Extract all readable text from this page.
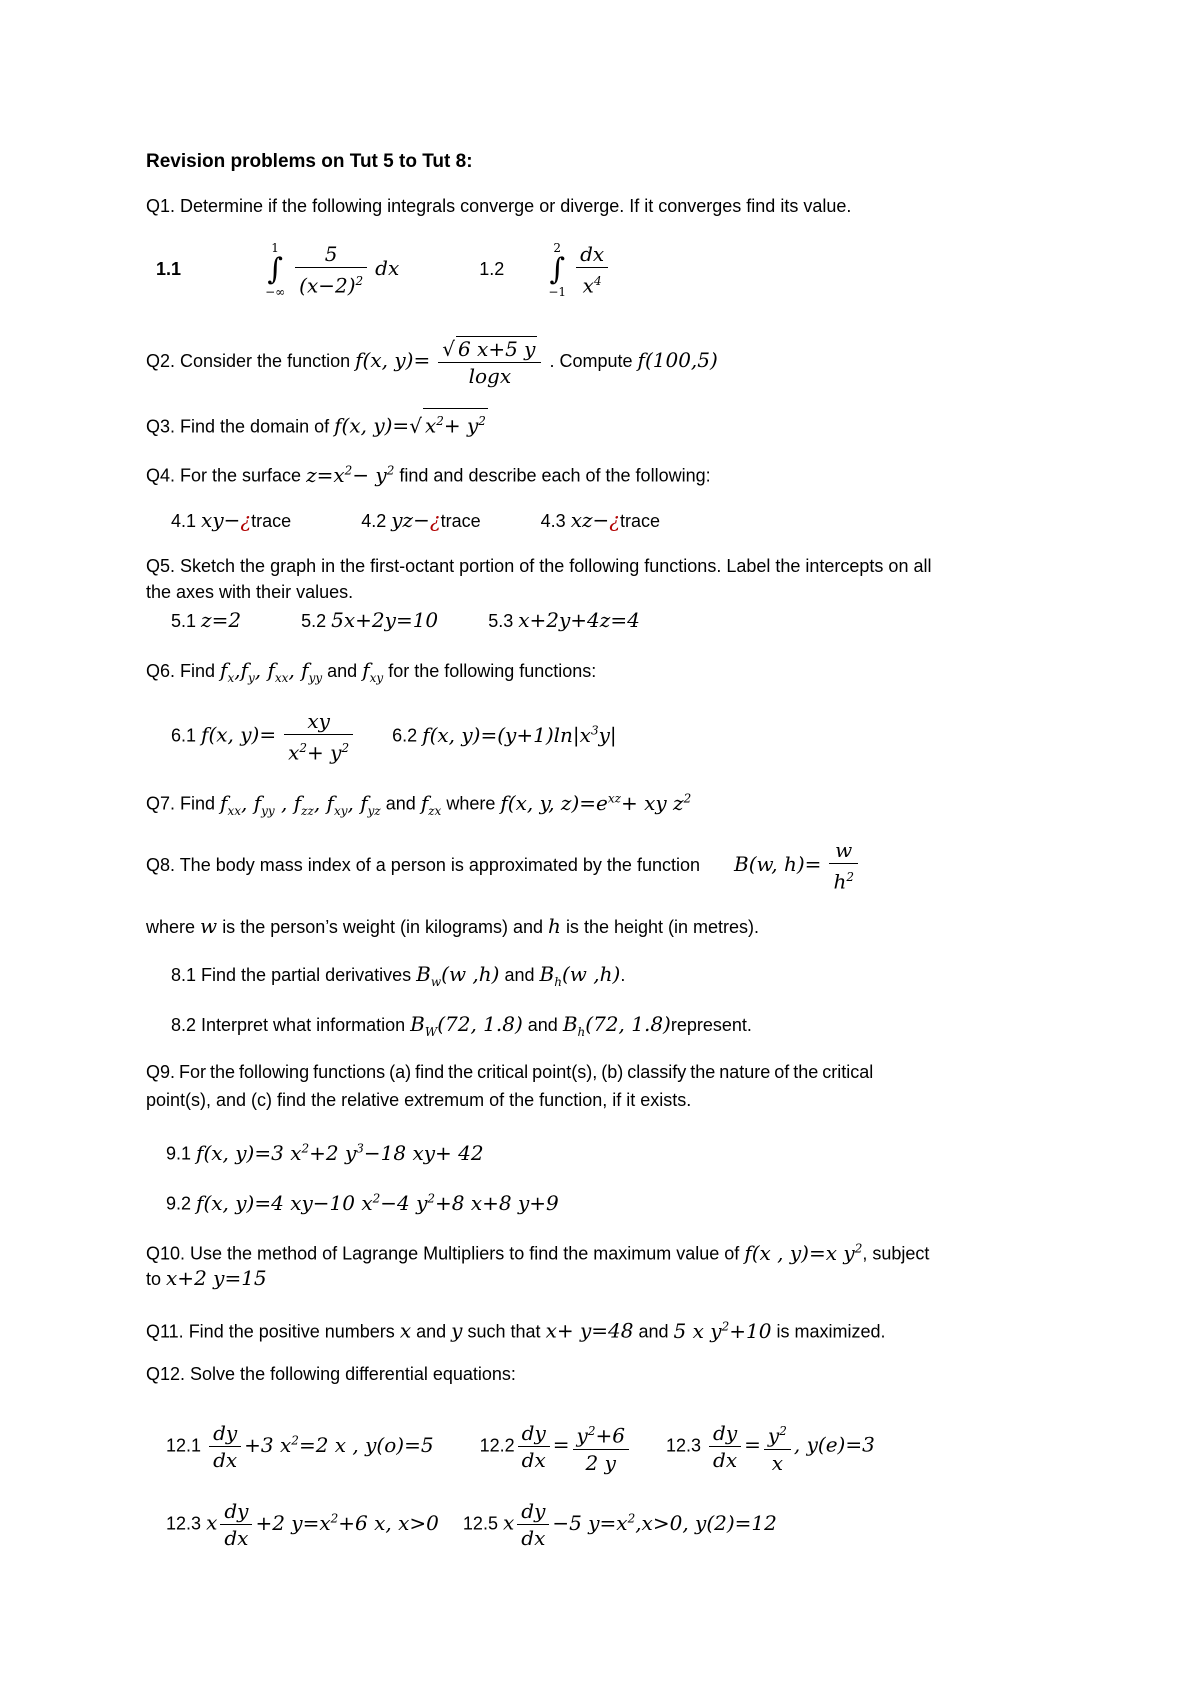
Revision problems on Tut 5 to Tut 8:
Q1. Determine if the following integrals converge or diverge. If it converges find its value.
1.1
1
∫
−∞
$\frac{5}{(x-2)^2}$ dx	1.2
2
∫
−1
$\frac{dx}{x^4}$
Q2. Consider the function f(x, $y)= \frac{√ 6 x+5 y}{\log x}$ . Compute f(100,5)
Q3. Find the domain of f(x, y)=√ $x^2+ y^2$
Q4. For the surface $z=x^2- y^2$ find and describe each of the following:
4.1 xy−¿trace	4.2 yz−¿trace	4.3 xz−¿trace
Q5. Sketch the graph in the first-octant portion of the following functions. Label the intercepts on all
the axes with their values.
5.1 z=2	5.2 5x+2y=10	5.3 x+2y+4z=4
Q6. Find $f_x,f_y$, $f_{xx}$, $f_{yy}$ and $f_{xy}$ for the following functions:
6.1 f(x, $y)= \frac{xy}{x^2+ y^2} 6.2$ f(x, $y)=(y+1)\ln|x^3y|$
Q7. Find $f_{xx}$, $f_{yy}$ , $f_{zz}$, $f_{xy}$, $f_{yz}$ and $f_{zx}$ where f(x, y, $z)=e^{xz}+$ xy $z^2$
Q8. The body mass index of a person is approximated by the function B(w, $h)= \frac{w}{h^2}$
where w is the person’s weight (in kilograms) and h is the height (in metres).
8.1 Find the partial derivatives $B_w(w$ ,h) and $B_h(w$ ,h).
8.2 Interpret what information $B_W(72$, 1.8) and $B_h(72$, 1.8)represent.
Q9. For the following functions (a) find the critical point(s), (b) classify the nature of the critical
point(s), and (c) find the relative extremum of the function, if it exists.
9.1 f(x, y)=3 $x^2+2$ $y^3-18$ xy+ 42
9.2 f(x, y)=4 xy−10 $x^2-4$ $y^2+8$ x+8 y+9
Q10. Use the method of Lagrange Multipliers to find the maximum value of f(x , y)=x $y^2$, subject
to x+2 y=15
Q11. Find the positive numbers x and y such that x+ y=48 and 5 x $y^2+10$ is maximized.
Q12. Solve the following differential equations:
$12.1 \frac{dy}{dx} +3$ $x^2=2$ x , y(o)=5	$12.2 \frac{dy}{dx} = \frac{y^2+6}{2 y} 12.3 \frac{dy}{dx} = \frac{y^2}{x}$ , y(e)=3
12.3 x $\frac{dy}{dx} +2$ $y=x^2+6$ x, x>0 12.5 x $\frac{dy}{dx} -5$ $y=x^2,x>0$, y(2)=12
